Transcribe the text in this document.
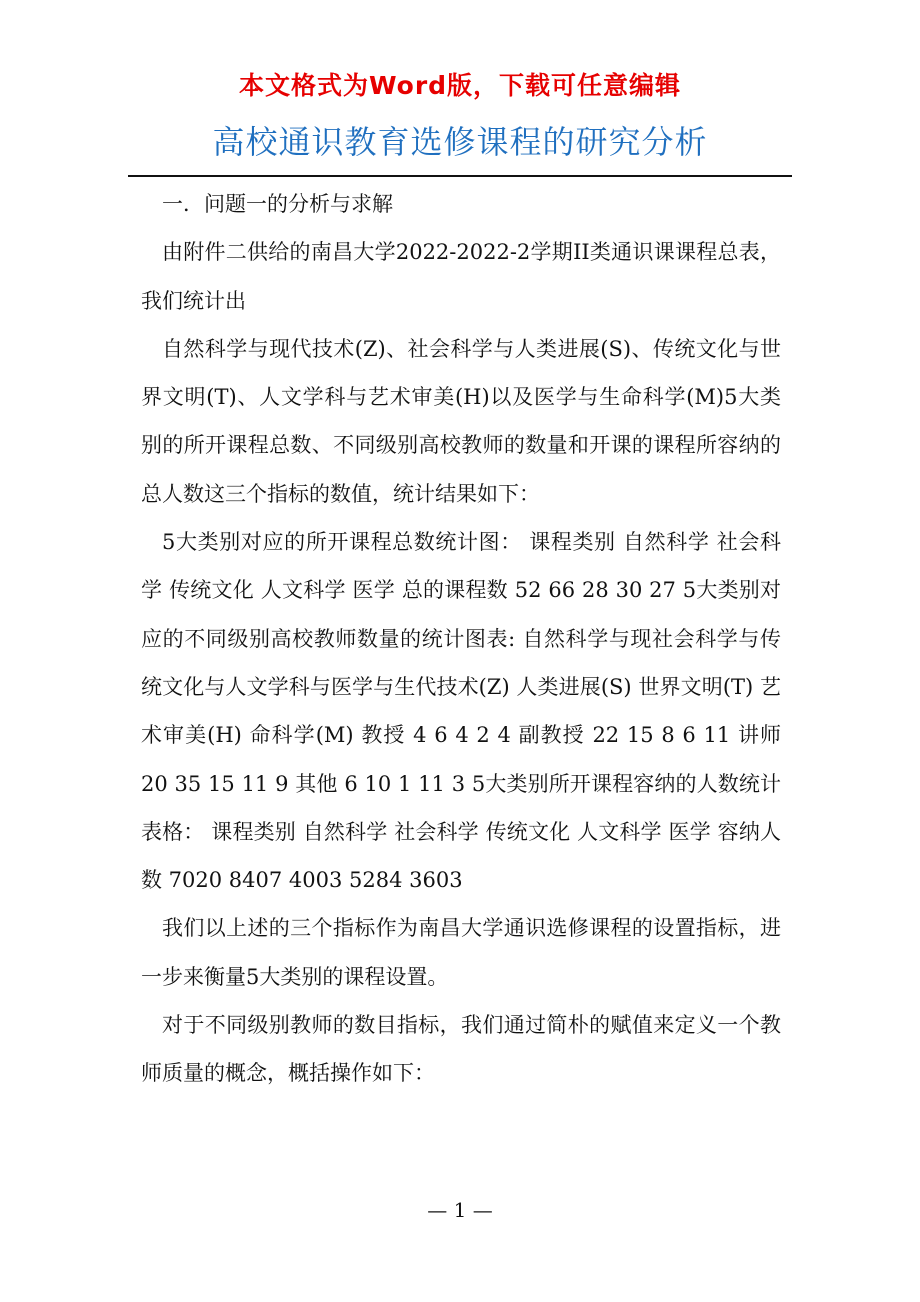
本文格式为Word版，下载可任意编辑
高校通识教育选修课程的研究分析

一．问题一的分析与求解

由附件二供给的南昌大学2022-2022-2学期II类通识课课程总表，我们统计出

自然科学与现代技术(Z)、社会科学与人类进展(S)、传统文化与世界文明(T)、人文学科与艺术审美(H)以及医学与生命科学(M)5大类别的所开课程总数、不同级别高校教师的数量和开课的课程所容纳的总人数这三个指标的数值，统计结果如下：

5大类别对应的所开课程总数统计图： 课程类别 自然科学 社会科学 传统文化 人文科学 医学 总的课程数 52 66 28 30 27 5大类别对应的不同级别高校教师数量的统计图表: 自然科学与现社会科学与传统文化与人文学科与医学与生代技术(Z) 人类进展(S) 世界文明(T) 艺术审美(H) 命科学(M) 教授 4 6 4 2 4 副教授 22 15 8 6 11 讲师 20 35 15 11 9 其他 6 10 1 11 3 5大类别所开课程容纳的人数统计表格： 课程类别 自然科学 社会科学 传统文化 人文科学 医学 容纳人数 7020 8407 4003 5284 3603

我们以上述的三个指标作为南昌大学通识选修课程的设置指标，进一步来衡量5大类别的课程设置。

对于不同级别教师的数目指标，我们通过简朴的赋值来定义一个教师质量的概念，概括操作如下：

— 1 —
